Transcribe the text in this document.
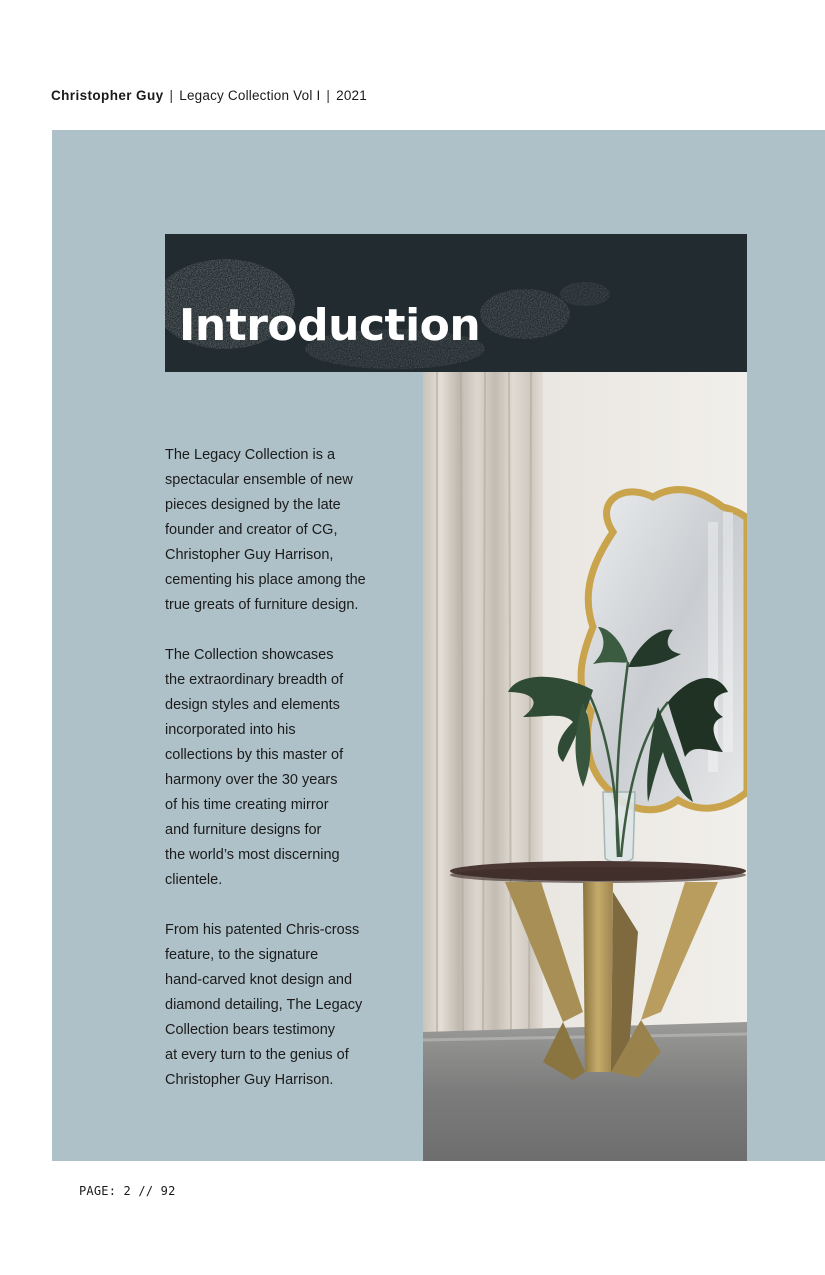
Christopher Guy | Legacy Collection Vol I | 2021
Introduction

The Legacy Collection is a
spectacular ensemble of new
pieces designed by the late
founder and creator of CG,
Christopher Guy Harrison,
cementing his place among the
true greats of furniture design.

The Collection showcases
the extraordinary breadth of
design styles and elements
incorporated into his
collections by this master of
harmony over the 30 years
of his time creating mirror
and furniture designs for
the world’s most discerning
clientele.

From his patented Chris-cross
feature, to the signature
hand-carved knot design and
diamond detailing, The Legacy
Collection bears testimony
at every turn to the genius of
Christopher Guy Harrison.

PAGE: 2 // 92
